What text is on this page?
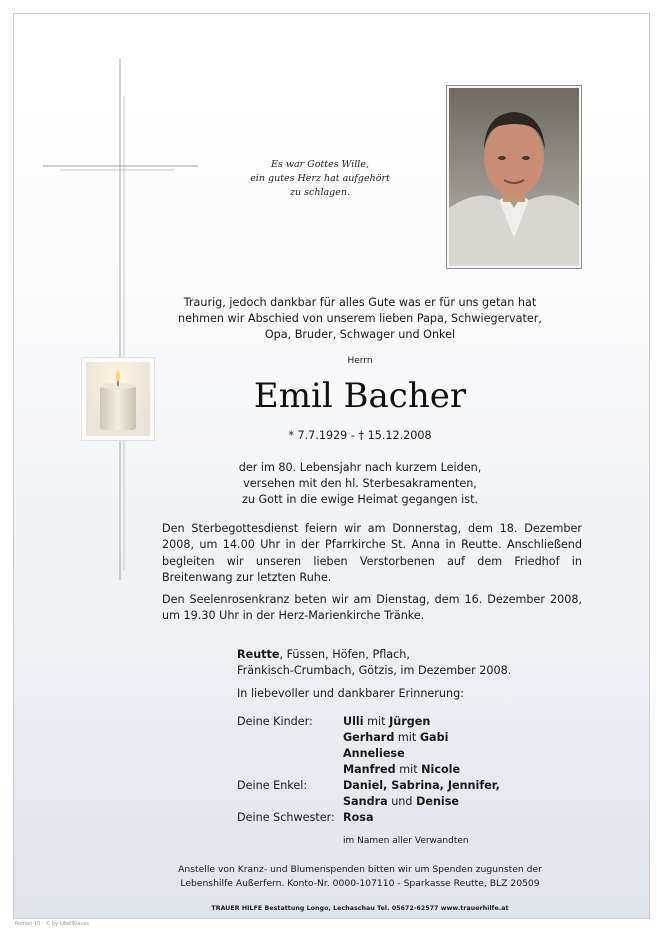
Es war Gottes Wille,
ein gutes Herz hat aufgehört
zu schlagen.
Traurig, jedoch dankbar für alles Gute was er für uns getan hat
nehmen wir Abschied von unserem lieben Papa, Schwiegervater,
Opa, Bruder, Schwager und Onkel
Herrn
Emil Bacher
* 7.7.1929 - † 15.12.2008
der im 80. Lebensjahr nach kurzem Leiden,
versehen mit den hl. Sterbesakramenten,
zu Gott in die ewige Heimat gegangen ist.
Den Sterbegottesdienst feiern wir am Donnerstag, dem 18. Dezember 2008, um 14.00 Uhr in der Pfarrkirche St. Anna in Reutte. Anschließend begleiten wir unseren lieben Verstorbenen auf dem Friedhof in Breitenwang zur letzten Ruhe.
Den Seelenrosenkranz beten wir am Dienstag, dem 16. Dezember 2008, um 19.30 Uhr in der Herz-Marienkirche Tränke.
Reutte, Füssen, Höfen, Pflach,
Fränkisch-Crumbach, Götzis, im Dezember 2008.
In liebevoller und dankbarer Erinnerung:
Deine Kinder:	Ulli mit Jürgen
Gerhard mit Gabi
Anneliese
Manfred mit Nicole
Deine Enkel:	Daniel, Sabrina, Jennifer,
Sandra und Denise
Deine Schwester: Rosa
im Namen aller Verwandten
Anstelle von Kranz- und Blumenspenden bitten wir um Spenden zugunsten der
Lebenshilfe Außerfern. Konto-Nr. 0000-107110 - Sparkasse Reutte, BLZ 20509
TRAUER HILFE Bestattung Longo, Lechaschau Tel. 05672-62577 www.trauerhilfe.at
Roman 10 - © by LibellKlauss
